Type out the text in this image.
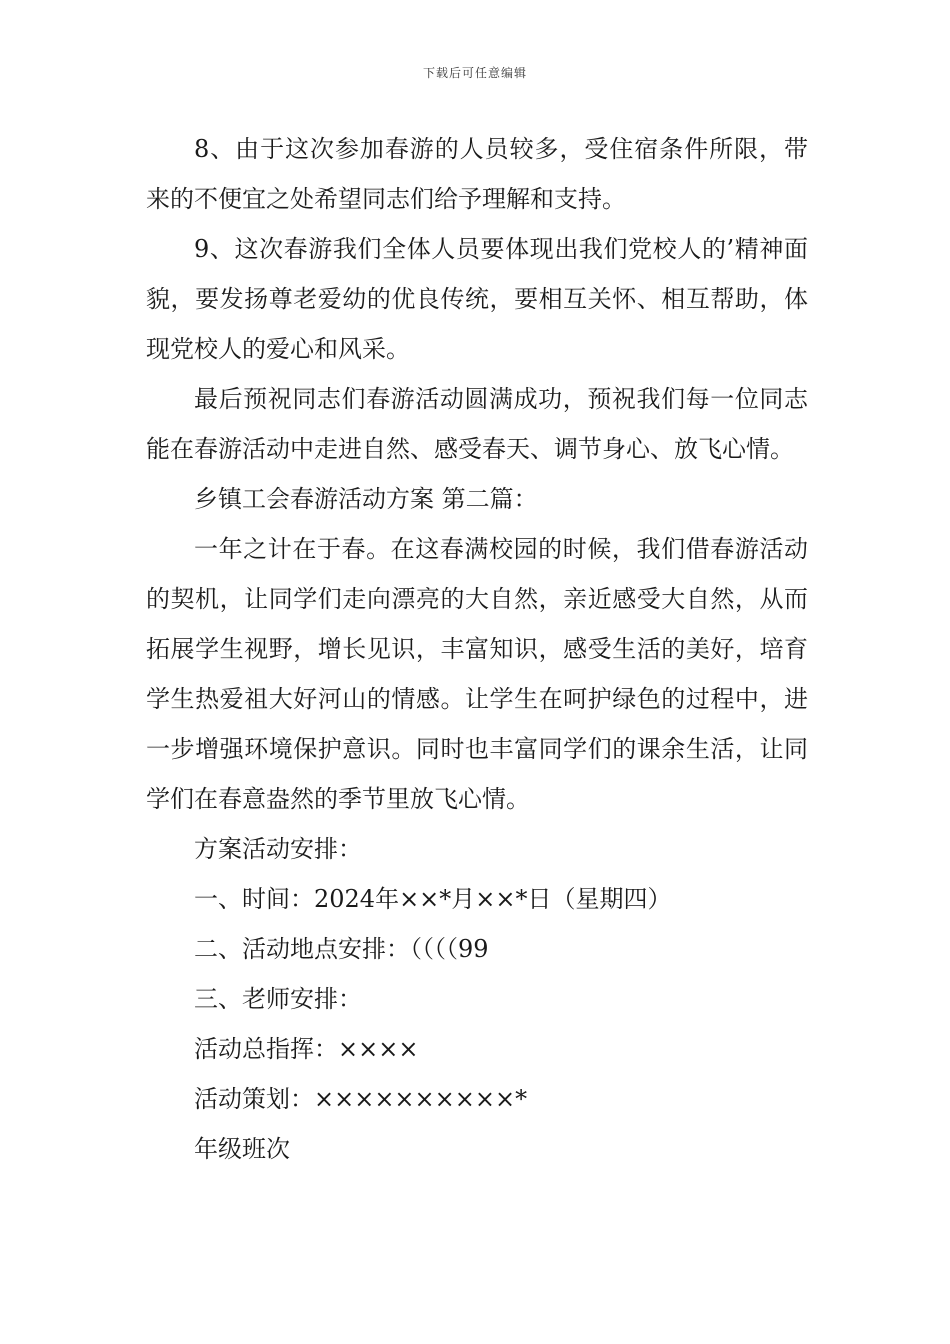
下载后可任意编辑

8、由于这次参加春游的人员较多，受住宿条件所限，带来的不便宜之处希望同志们给予理解和支持。

9、这次春游我们全体人员要体现出我们党校人的’精神面貌，要发扬尊老爱幼的优良传统，要相互关怀、相互帮助，体现党校人的爱心和风采。

最后预祝同志们春游活动圆满成功，预祝我们每一位同志能在春游活动中走进自然、感受春天、调节身心、放飞心情。

乡镇工会春游活动方案 第二篇：

一年之计在于春。在这春满校园的时候，我们借春游活动的契机，让同学们走向漂亮的大自然，亲近感受大自然，从而拓展学生视野，增长见识，丰富知识，感受生活的美好，培育学生热爱祖大好河山的情感。让学生在呵护绿色的过程中，进一步增强环境保护意识。同时也丰富同学们的课余生活，让同学们在春意盎然的季节里放飞心情。

方案活动安排：

一、时间：2024年××*月××*日（星期四）

二、活动地点安排：（（（（99

三、老师安排：

活动总指挥：××××

活动策划：××××××××××*

年级班次
